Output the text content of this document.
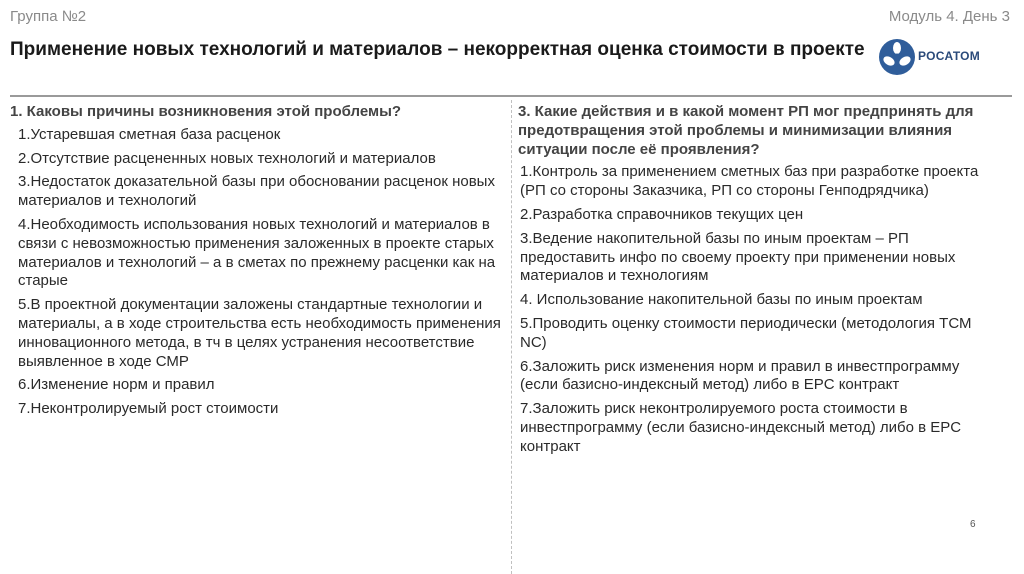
Группа №2	Модуль 4. День 3
Применение новых технологий и материалов – некорректная оценка стоимости в проекте	РОСАТОМ
1. Каковы причины возникновения этой проблемы?
1.Устаревшая сметная база расценок
2.Отсутствие расцененных новых технологий и материалов
3.Недостаток доказательной базы при обосновании расценок новых материалов и технологий
4.Необходимость использования новых технологий и материалов в связи с невозможностью применения заложенных в проекте старых материалов и технологий – а в сметах по прежнему расценки как на старые
5.В проектной документации заложены стандартные технологии и материалы, а в ходе строительства есть необходимость применения инновационного метода, в тч в целях устранения несоответствие выявленное в ходе СМР
6.Изменение норм и правил
7.Неконтролируемый рост стоимости
3. Какие действия и в какой момент РП мог предпринять для предотвращения этой проблемы и минимизации влияния ситуации после её проявления?
1.Контроль за применением сметных баз при разработке проекта (РП со стороны Заказчика, РП со стороны Генподрядчика)
2.Разработка справочников текущих цен
3.Ведение накопительной базы по иным проектам – РП предоставить инфо по своему проекту при применении новых материалов и технологиям
4. Использование накопительной базы по иным проектам
5.Проводить оценку стоимости периодически (методология ТСМ NC)
6.Заложить риск изменения норм и правил в инвестпрограмму (если базисно-индексный метод) либо в EPC контракт
7.Заложить риск неконтролируемого роста стоимости в инвестпрограмму (если базисно-индексный метод) либо в EPC контракт
6
